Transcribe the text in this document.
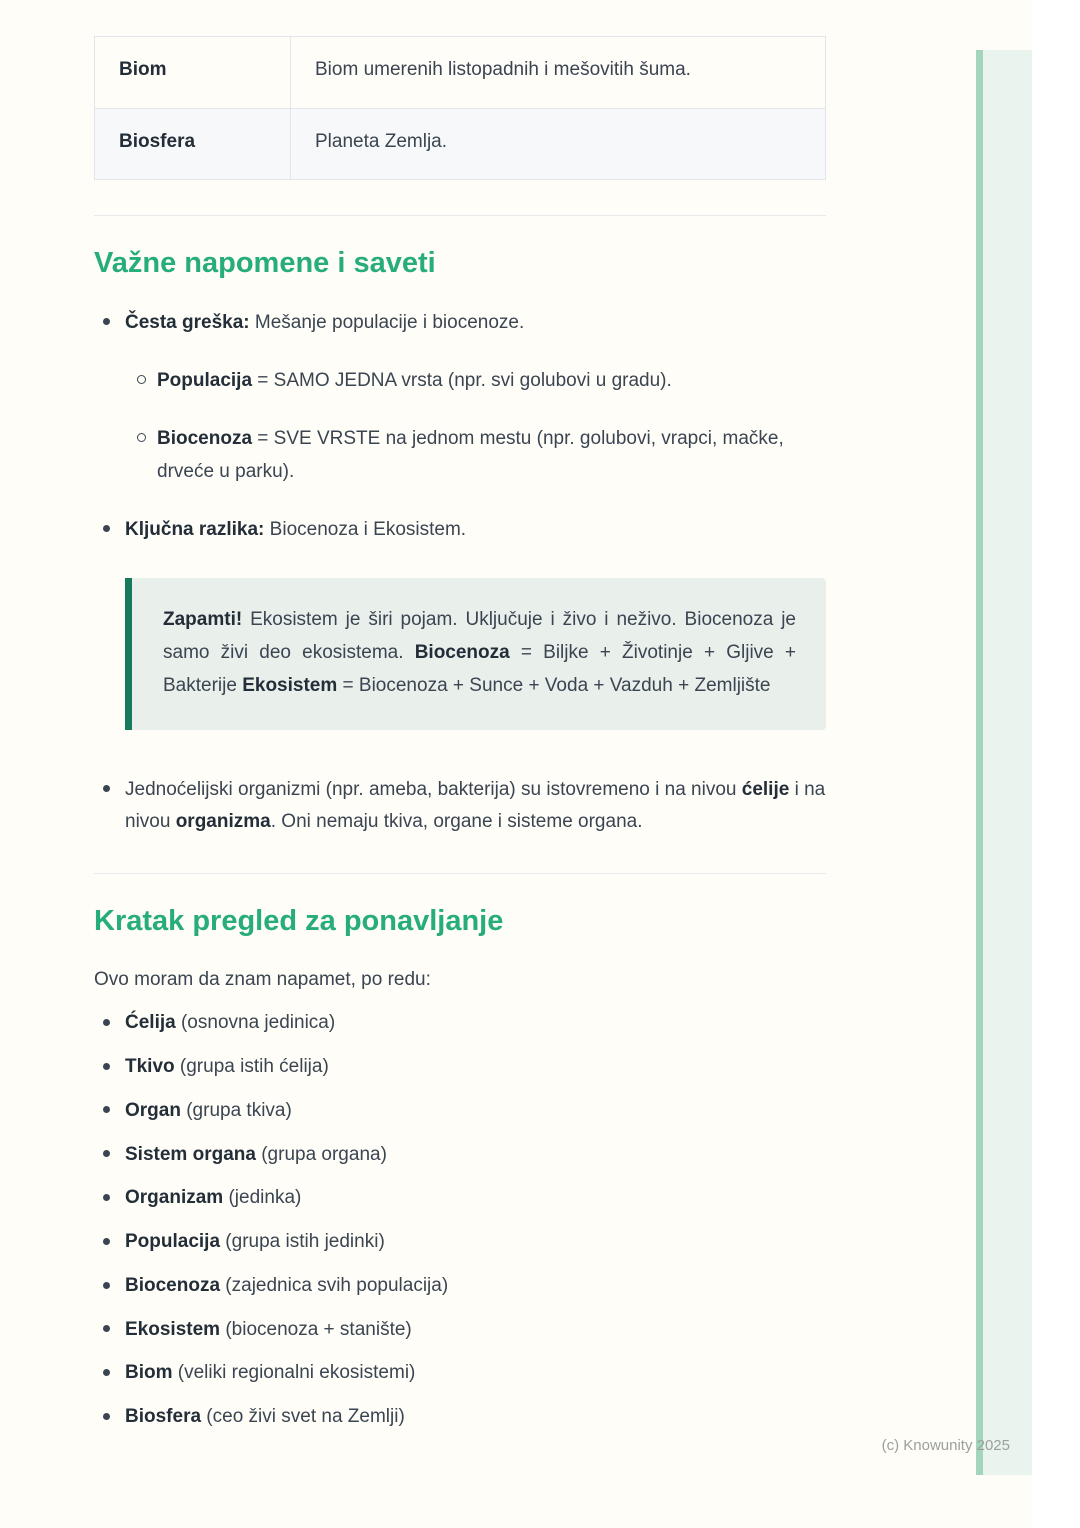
Biom	Biom umerenih listopadnih i mešovitih šuma.
Biosfera	Planeta Zemlja.
Važne napomene i saveti
Česta greška: Mešanje populacije i biocenoze.
Populacija = SAMO JEDNA vrsta (npr. svi golubovi u gradu).
Biocenoza = SVE VRSTE na jednom mestu (npr. golubovi, vrapci, mačke, drveće u parku).
Ključna razlika: Biocenoza i Ekosistem.
Zapamti! Ekosistem je širi pojam. Uključuje i živo i neživo. Biocenoza je samo živi deo ekosistema. Biocenoza = Biljke + Životinje + Gljive + Bakterije Ekosistem = Biocenoza + Sunce + Voda + Vazduh + Zemljište
Jednoćelijski organizmi (npr. ameba, bakterija) su istovremeno i na nivou ćelije i na nivou organizma. Oni nemaju tkiva, organe i sisteme organa.
Kratak pregled za ponavljanje

Ovo moram da znam napamet, po redu:

Ćelija (osnovna jedinica)
Tkivo (grupa istih ćelija)
Organ (grupa tkiva)
Sistem organa (grupa organa)
Organizam (jedinka)
Populacija (grupa istih jedinki)
Biocenoza (zajednica svih populacija)
Ekosistem (biocenoza + stanište)
Biom (veliki regionalni ekosistemi)
Biosfera (ceo živi svet na Zemlji)
(c) Knowunity 2025
